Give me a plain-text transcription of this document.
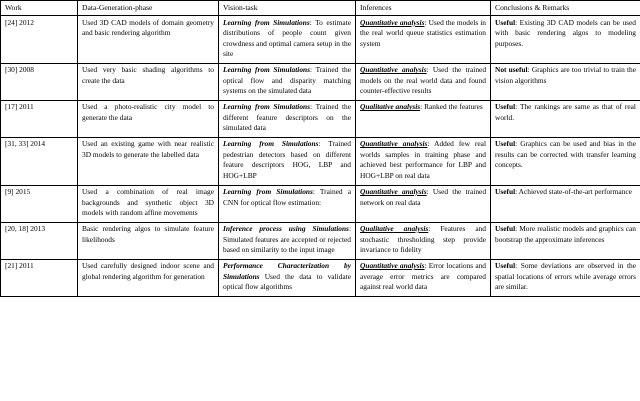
Work	Data-Generation-phase	Vision-task	Inferences	Conclusions & Remarks
[24] 2012	Used 3D CAD models of domain geometry and basic rendering algorithm	Learning from Simulations: To estimate distributions of people count given crowdness and optimal camera setup in the site	Quantitative analysis: Used the models in the real world queue statistics estimation system	Useful: Existing 3D CAD models can be used with basic rendering algos to modeling purposes.
[30] 2008	Used very basic shading algorithms to create the data	Learning from Simulations: Trained the optical flow and disparity matching systems on the simulated data	Quantitative analysis: Used the trained models on the real world data and found counter-effective results	Not useful: Graphics are too trivial to train the vision algorithms
[17] 2011	Used a photo-realistic city model to generate the data	Learning from Simulations: Trained the different feature descriptors on the simulated data	Qualitative analysis: Ranked the features	Useful: The rankings are same as that of real world.
[31, 33] 2014	Used an existing game with near realistic 3D models to generate the labelled data	Learning from Simulations: Trained pedestrian detectors based on different feature descriptors HOG, LBP and HOG+LBP	Quantitative analysis: Added few real worlds samples in training phase and achieved best performance for LBP and HOG+LBP on real data	Useful: Graphics can be used and bias in the results can be corrected with transfer learning concepts.
[9] 2015	Used a combination of real image backgrounds and synthetic object 3D models with random affine movements	Learning from Simulations: Trained a CNN for optical flow estimation:	Quantitative analysis: Used the trained network on real data	Useful: Achieved state-of-the-art performance
[20, 18] 2013	Basic rendering algos to simulate feature likelihoods	Inference process using Simulations: Simulated features are accepted or rejected based on similarity to the input image	Qualitative analysis: Features and stochastic thresholding step provide invariance to fidelity	Useful: More realistic models and graphics can bootstrap the approximate inferences
[21] 2011	Used carefully designed indoor scene and global rendering algorithm for generation	Performance Characterization by Simulations Used the data to validate optical flow algorithms	Quantitative analysis: Error locations and average error metrics are compared against real world data	Useful: Some deviations are observed in the spatial locations of errors while average errors are similar.
